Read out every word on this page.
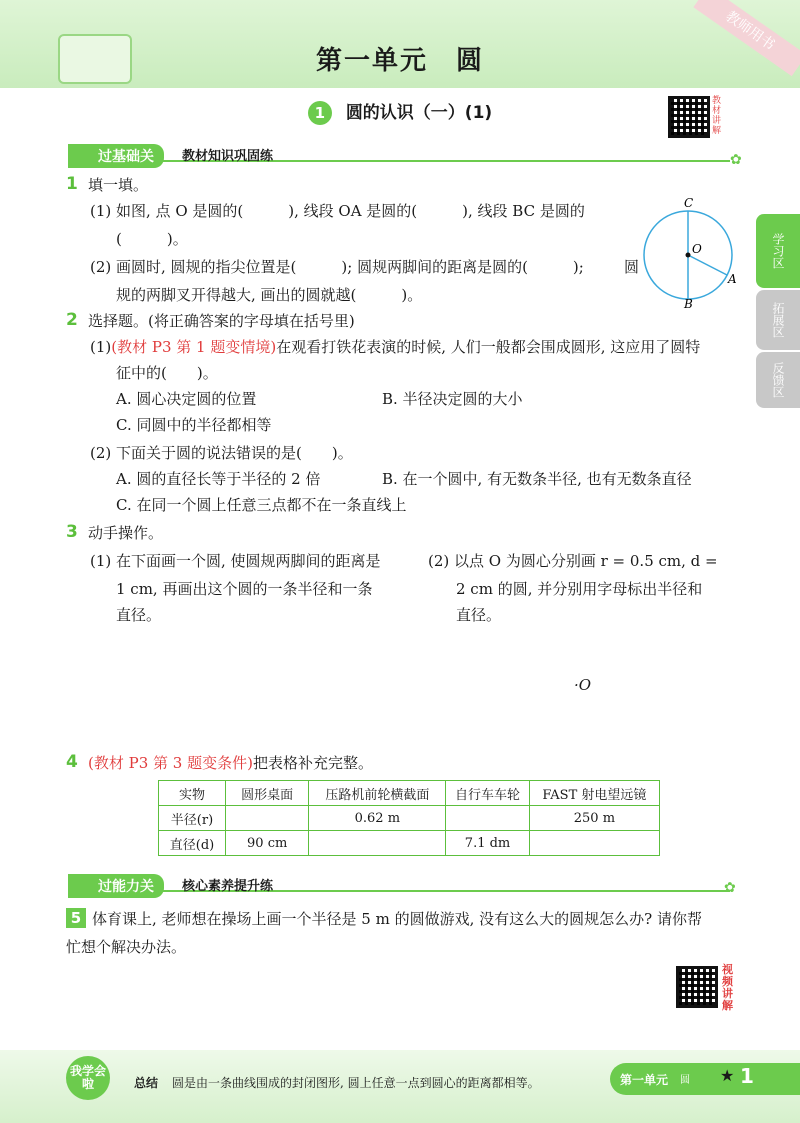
第一单元　圆
教师用书
1 圆的认识（一）(1)
教材讲解
学习区
拓展区
反馈区
过基础关	教材知识巩固练	✿
1 填一填。
(1) 如图, 点 O 是圆的(　　　), 线段 OA 是圆的(　　　), 线段 BC 是圆的
(　　　)。
(2) 画圆时, 圆规的指尖位置是(　　　); 圆规两脚间的距离是圆的(　　　);	圆
规的两脚叉开得越大, 画出的圆就越(　　　)。
C
O
A
B
2 选择题。(将正确答案的字母填在括号里)
(1)(教材 P3 第 1 题变情境)在观看打铁花表演的时候, 人们一般都会围成圆形, 这应用了圆特
征中的(　　)。
A. 圆心决定圆的位置	B. 半径决定圆的大小
C. 同圆中的半径都相等
(2) 下面关于圆的说法错误的是(　　)。
A. 圆的直径长等于半径的 2 倍	B. 在一个圆中, 有无数条半径, 也有无数条直径
C. 在同一个圆上任意三点都不在一条直线上
3 动手操作。
(1) 在下面画一个圆, 使圆规两脚间的距离是
1 cm, 再画出这个圆的一条半径和一条
直径。
(2) 以点 O 为圆心分别画 r = 0.5 cm, d =
2 cm 的圆, 并分别用字母标出半径和
直径。
·O
4 (教材 P3 第 3 题变条件)把表格补充完整。
实物	圆形桌面	压路机前轮横截面	自行车车轮	FAST 射电望远镜
半径(r)		0.62 m		250 m
直径(d)	90 cm		7.1 dm	
过能力关	核心素养提升练	✿
5 体育课上, 老师想在操场上画一个半径是 5 m 的圆做游戏, 没有这么大的圆规怎么办? 请你帮
忙想个解决办法。
视频讲解
我学会啦	总结 圆是由一条曲线围成的封闭图形, 圆上任意一点到圆心的距离都相等。	第一单元 圆 ★ 1
